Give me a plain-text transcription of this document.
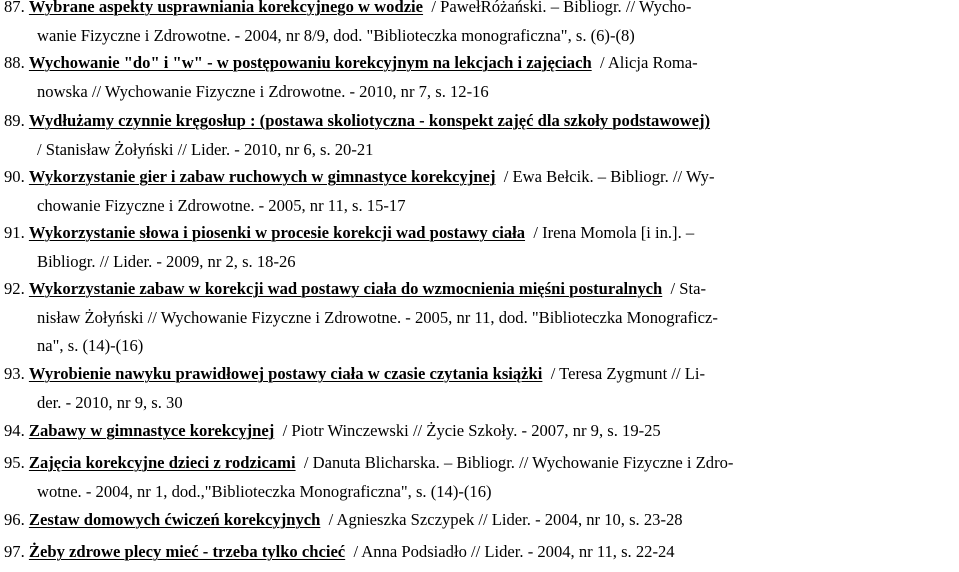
87. Wybrane aspekty usprawniania korekcyjnego w wodzie  / PawełRóżański. – Bibliogr. // Wycho-
wanie Fizyczne i Zdrowotne. - 2004, nr 8/9, dod. "Biblioteczka monograficzna", s. (6)-(8)
88. Wychowanie "do" i "w" - w postępowaniu korekcyjnym na lekcjach i zajęciach  / Alicja Roma-
nowska // Wychowanie Fizyczne i Zdrowotne. - 2010, nr 7, s. 12-16
89. Wydłużamy czynnie kręgosłup : (postawa skoliotyczna - konspekt zajęć dla szkoły podstawowej)
/ Stanisław Żołyński // Lider. - 2010, nr 6, s. 20-21
90. Wykorzystanie gier i zabaw ruchowych w gimnastyce korekcyjnej  / Ewa Bełcik. – Bibliogr. // Wy-
chowanie Fizyczne i Zdrowotne. - 2005, nr 11, s. 15-17
91. Wykorzystanie słowa i piosenki w procesie korekcji wad postawy ciała  / Irena Momola [i in.]. –
Bibliogr. // Lider. - 2009, nr 2, s. 18-26
92. Wykorzystanie zabaw w korekcji wad postawy ciała do wzmocnienia mięśni posturalnych  / Sta-
nisław Żołyński // Wychowanie Fizyczne i Zdrowotne. - 2005, nr 11, dod. "Biblioteczka Monograficz-
na", s. (14)-(16)
93. Wyrobienie nawyku prawidłowej postawy ciała w czasie czytania książki  / Teresa Zygmunt // Li-
der. - 2010, nr 9, s. 30
94. Zabawy w gimnastyce korekcyjnej  / Piotr Winczewski // Życie Szkoły. - 2007, nr 9, s. 19-25
95. Zajęcia korekcyjne dzieci z rodzicami  / Danuta Blicharska. – Bibliogr. // Wychowanie Fizyczne i Zdro-
wotne. - 2004, nr 1, dod.,"Biblioteczka Monograficzna", s. (14)-(16)
96. Zestaw domowych ćwiczeń korekcyjnych  / Agnieszka Szczypek // Lider. - 2004, nr 10, s. 23-28
97. Żeby zdrowe plecy mieć - trzeba tylko chcieć  / Anna Podsiadło // Lider. - 2004, nr 11, s. 22-24
